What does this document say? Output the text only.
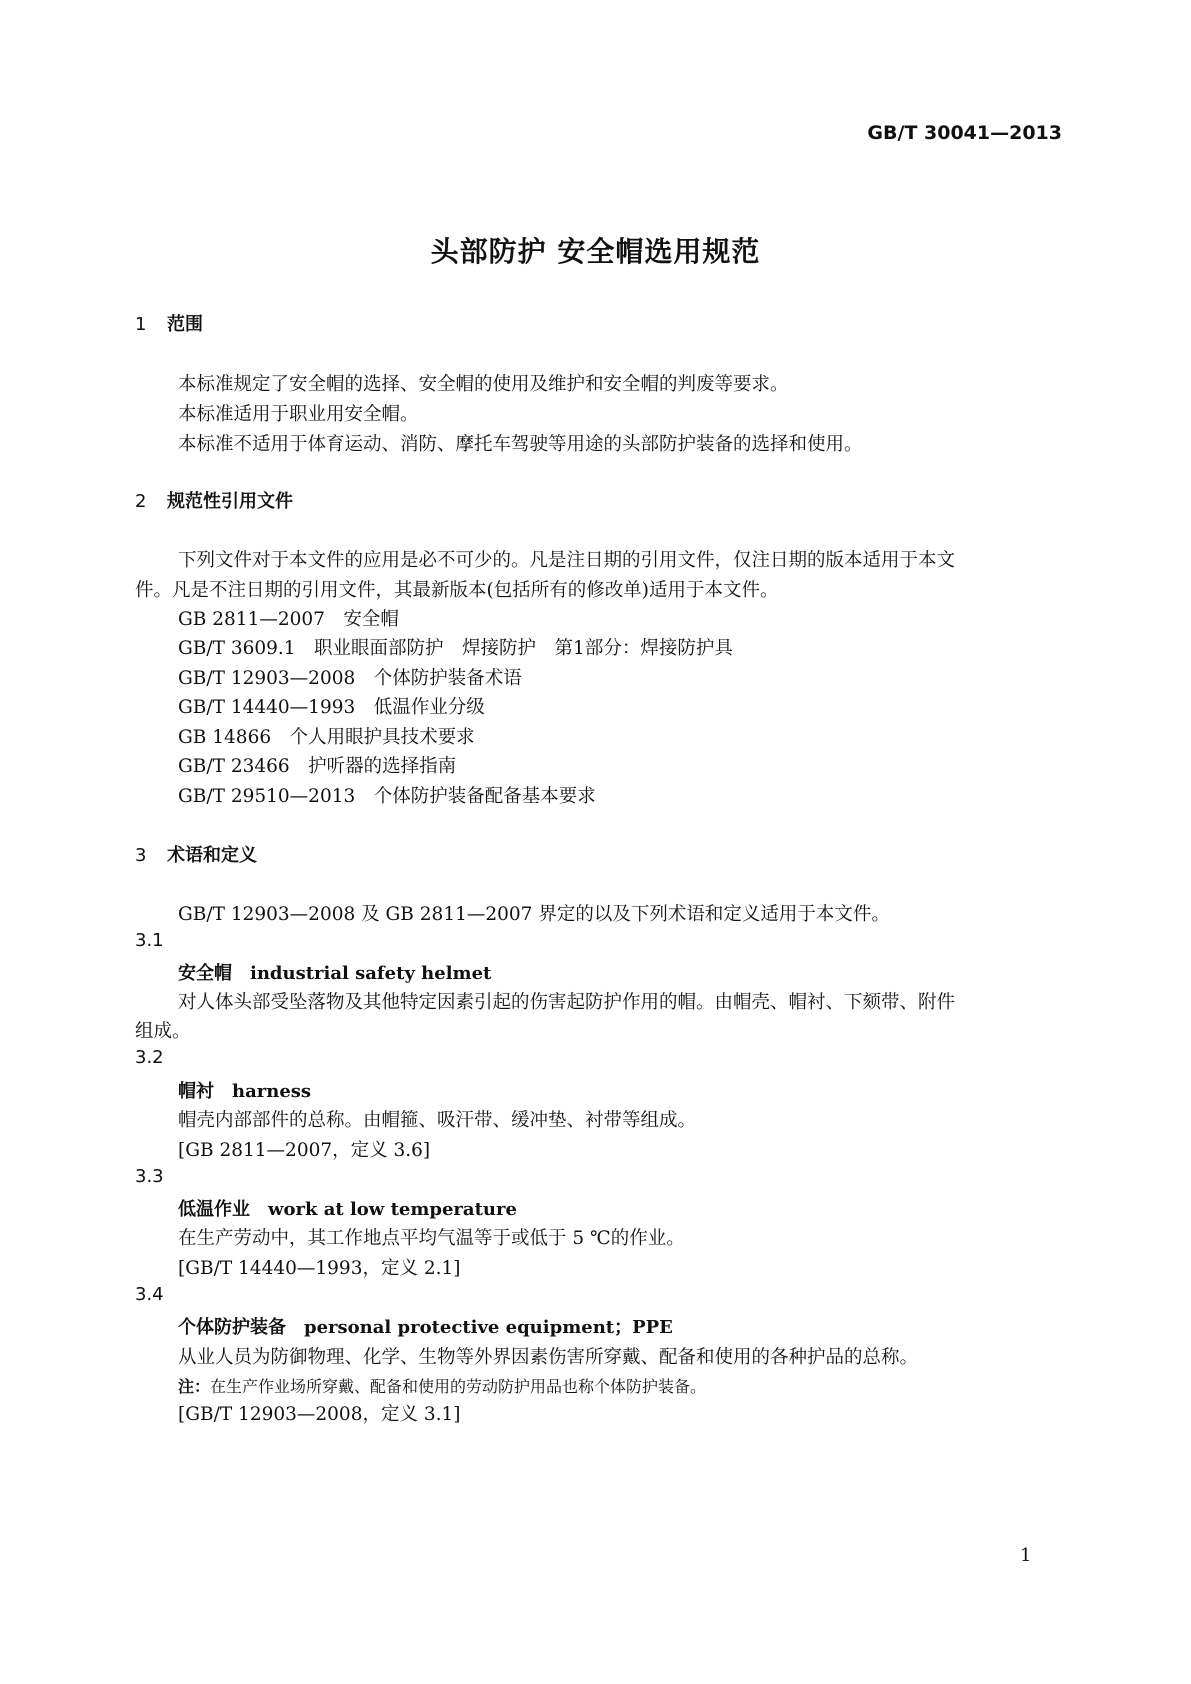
GB/T 30041—2013
头部防护 安全帽选用规范
1 范围
本标准规定了安全帽的选择、安全帽的使用及维护和安全帽的判废等要求。
本标准适用于职业用安全帽。
本标准不适用于体育运动、消防、摩托车驾驶等用途的头部防护装备的选择和使用。
2 规范性引用文件
下列文件对于本文件的应用是必不可少的。凡是注日期的引用文件，仅注日期的版本适用于本文
件。凡是不注日期的引用文件，其最新版本(包括所有的修改单)适用于本文件。
GB 2811—2007　安全帽
GB/T 3609.1　职业眼面部防护　焊接防护　第1部分：焊接防护具
GB/T 12903—2008　个体防护装备术语
GB/T 14440—1993　低温作业分级
GB 14866　个人用眼护具技术要求
GB/T 23466　护听器的选择指南
GB/T 29510—2013　个体防护装备配备基本要求
3 术语和定义
GB/T 12903—2008 及 GB 2811—2007 界定的以及下列术语和定义适用于本文件。
3.1
安全帽 industrial safety helmet
对人体头部受坠落物及其他特定因素引起的伤害起防护作用的帽。由帽壳、帽衬、下颏带、附件
组成。
3.2
帽衬 harness
帽壳内部部件的总称。由帽箍、吸汗带、缓冲垫、衬带等组成。
[GB 2811—2007，定义 3.6]
3.3
低温作业 work at low temperature
在生产劳动中，其工作地点平均气温等于或低于 5 ℃的作业。
[GB/T 14440—1993，定义 2.1]
3.4
个体防护装备 personal protective equipment；PPE
从业人员为防御物理、化学、生物等外界因素伤害所穿戴、配备和使用的各种护品的总称。
注：在生产作业场所穿戴、配备和使用的劳动防护用品也称个体防护装备。
[GB/T 12903—2008，定义 3.1]
1
